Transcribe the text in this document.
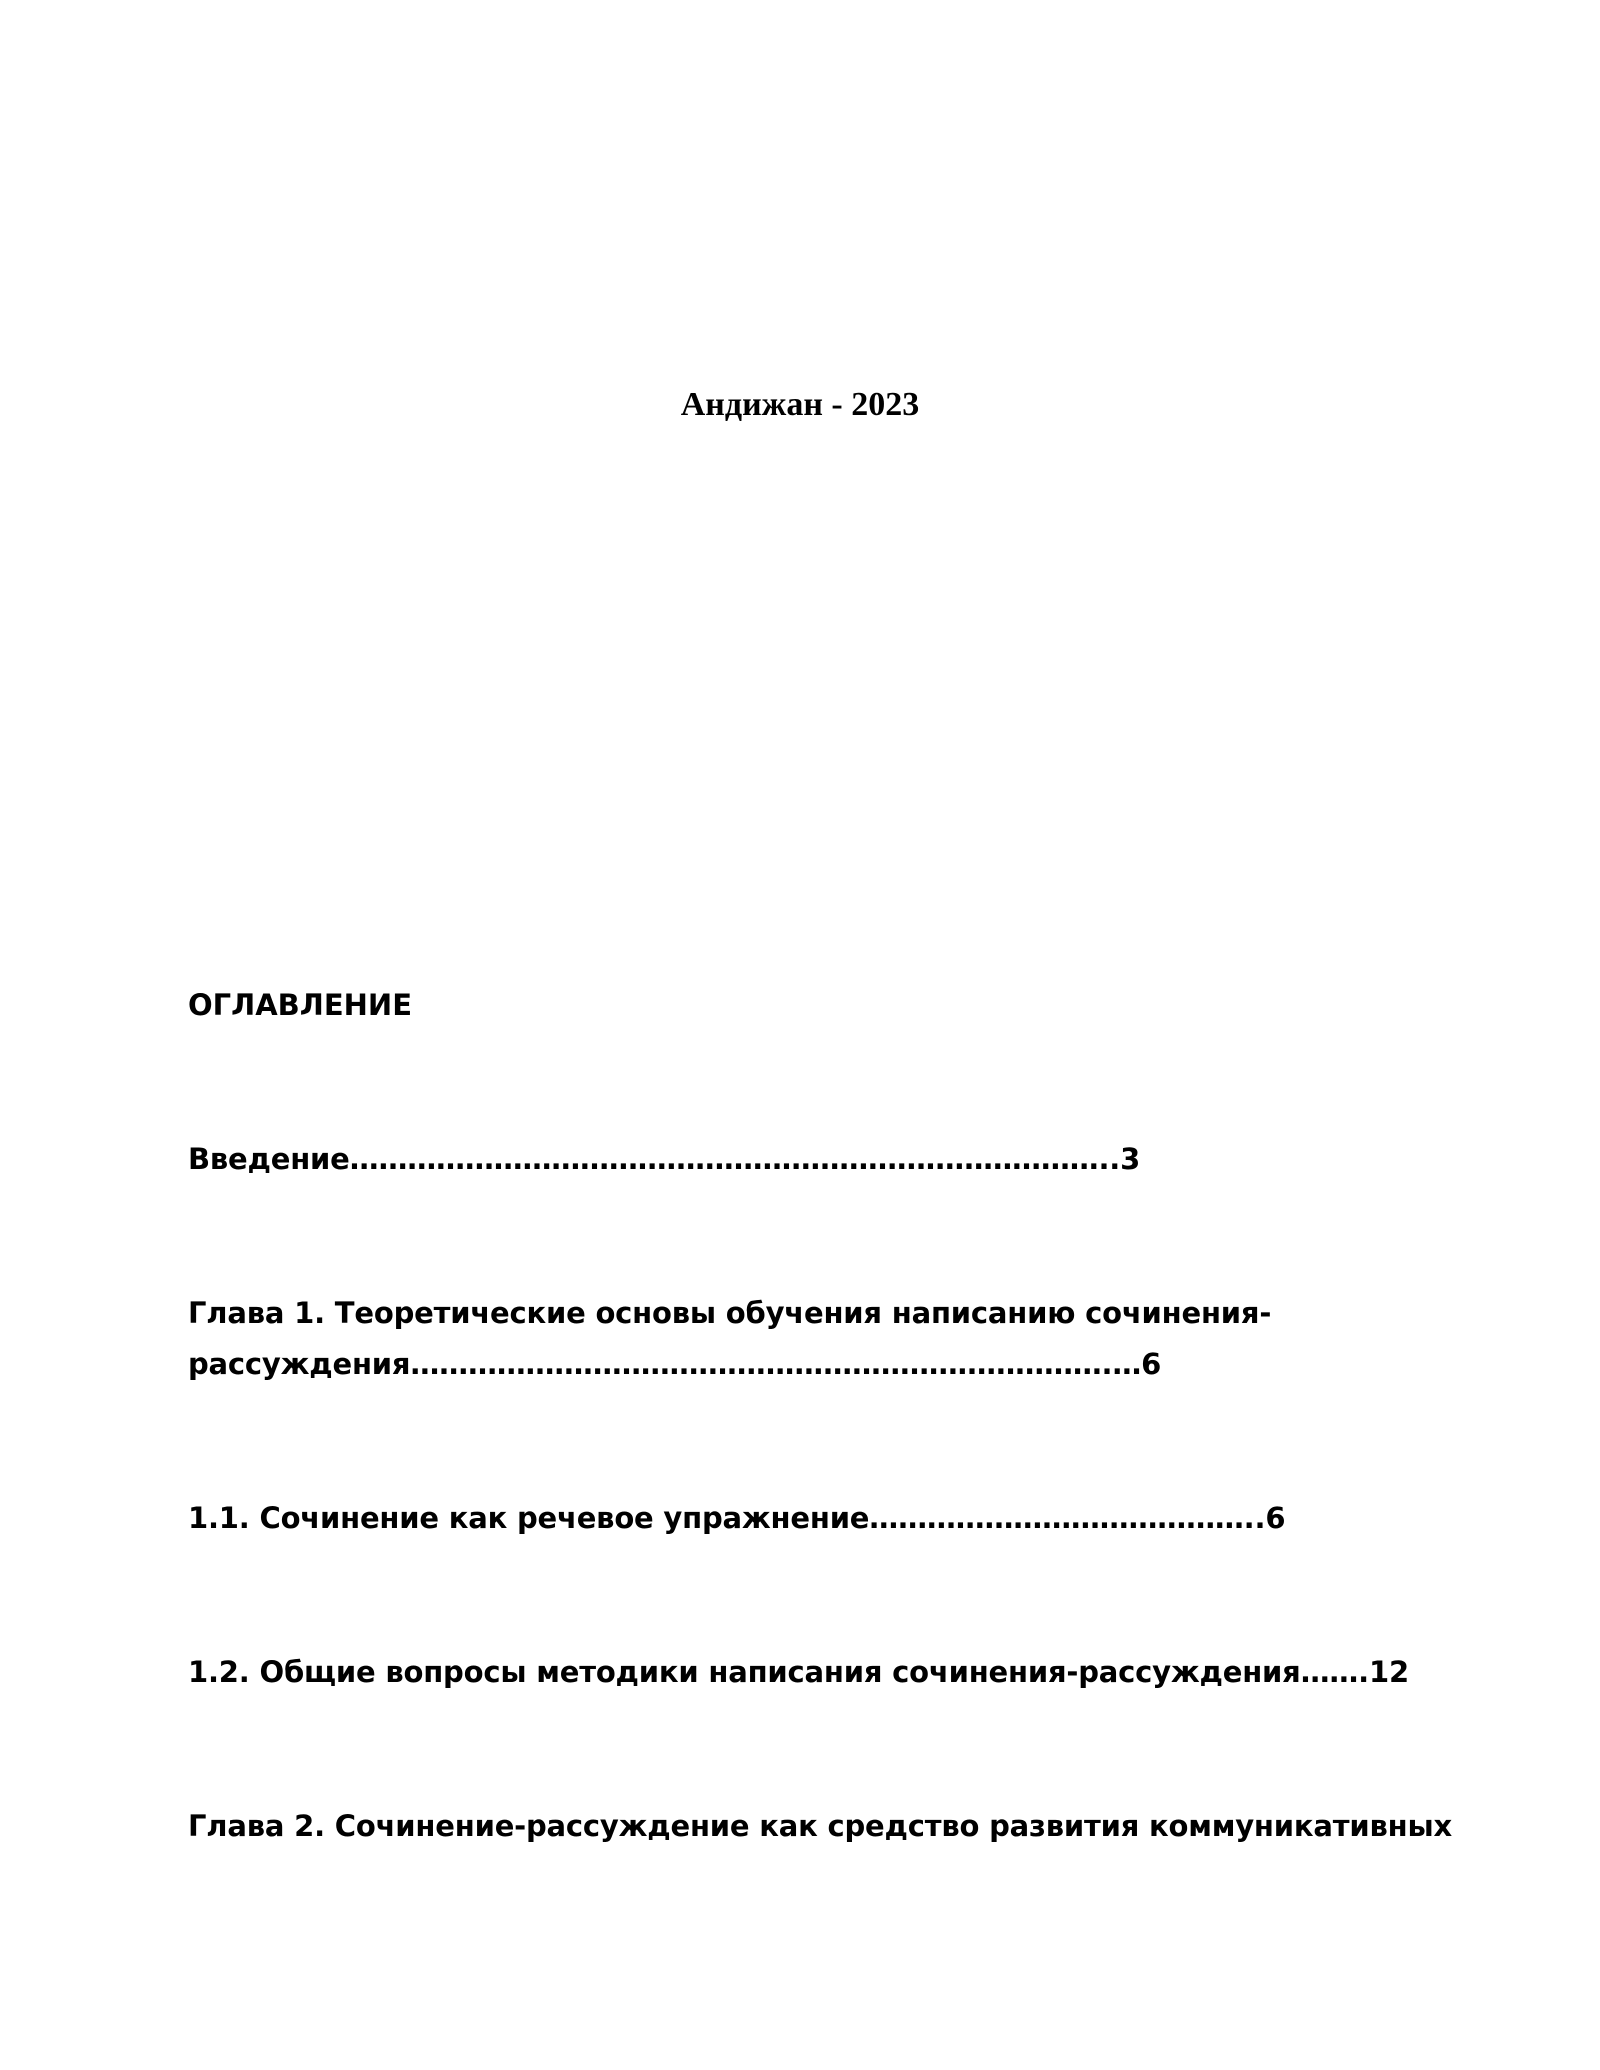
Андижан - 2023
ОГЛАВЛЕНИЕ
Введение……………………………………………………………………..3
Глава 1. Теоретические основы обучения написанию сочинения-
рассуждения……………………………………………………………….…6
1.1. Сочинение как речевое упражнение…………………………………..6
1.2. Общие вопросы методики написания сочинения-рассуждения…….12
Глава 2. Сочинение-рассуждение как средство развития коммуникативных
